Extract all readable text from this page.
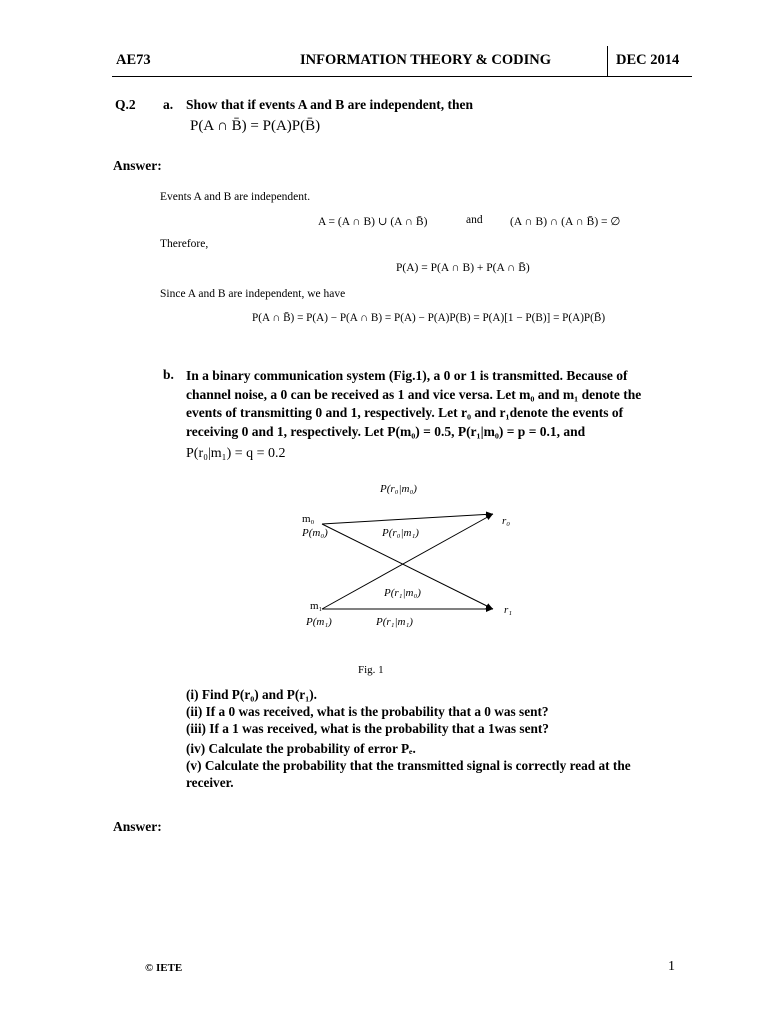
AE73	INFORMATION THEORY & CODING	DEC 2014
Q.2 a. Show that if events A and B are independent, then
P(A ∩ B̄) = P(A)P(B̄)
Answer:
Events A and B are independent.
A = (A ∩ B) ∪ (A ∩ B̄)	and (A ∩ B) ∩ (A ∩ B̄) = ∅
Therefore,
P(A) = P(A ∩ B) + P(A ∩ B̄)
Since A and B are independent, we have
P(A ∩ B̄) = P(A) − P(A ∩ B) = P(A) − P(A)P(B) = P(A)[1 − P(B)] = P(A)P(B̄)
b. In a binary communication system (Fig.1), a 0 or 1 is transmitted. Because of
channel noise, a 0 can be received as 1 and vice versa. Let m₀ and m₁ denote the
events of transmitting 0 and 1, respectively. Let r₀ and r₁denote the events of
receiving 0 and 1, respectively. Let P(m₀) = 0.5, P(r₁|m₀) = p = 0.1, and
P(r₀|m₁) = q = 0.2
P(r₀|m₀)
m₀
P(m₀)	P(r₀|m₁)
r₀
P(r₁|m₀)
m₁
P(m₁)	P(r₁|m₁)
r₁
Fig. 1
(i) Find P(r₀) and P(r₁).
(ii) If a 0 was received, what is the probability that a 0 was sent?
(iii) If a 1 was received, what is the probability that a 1was sent?
(iv) Calculate the probability of error Pₑ.
(v) Calculate the probability that the transmitted signal is correctly read at the
receiver.
Answer:
© IETE	1
